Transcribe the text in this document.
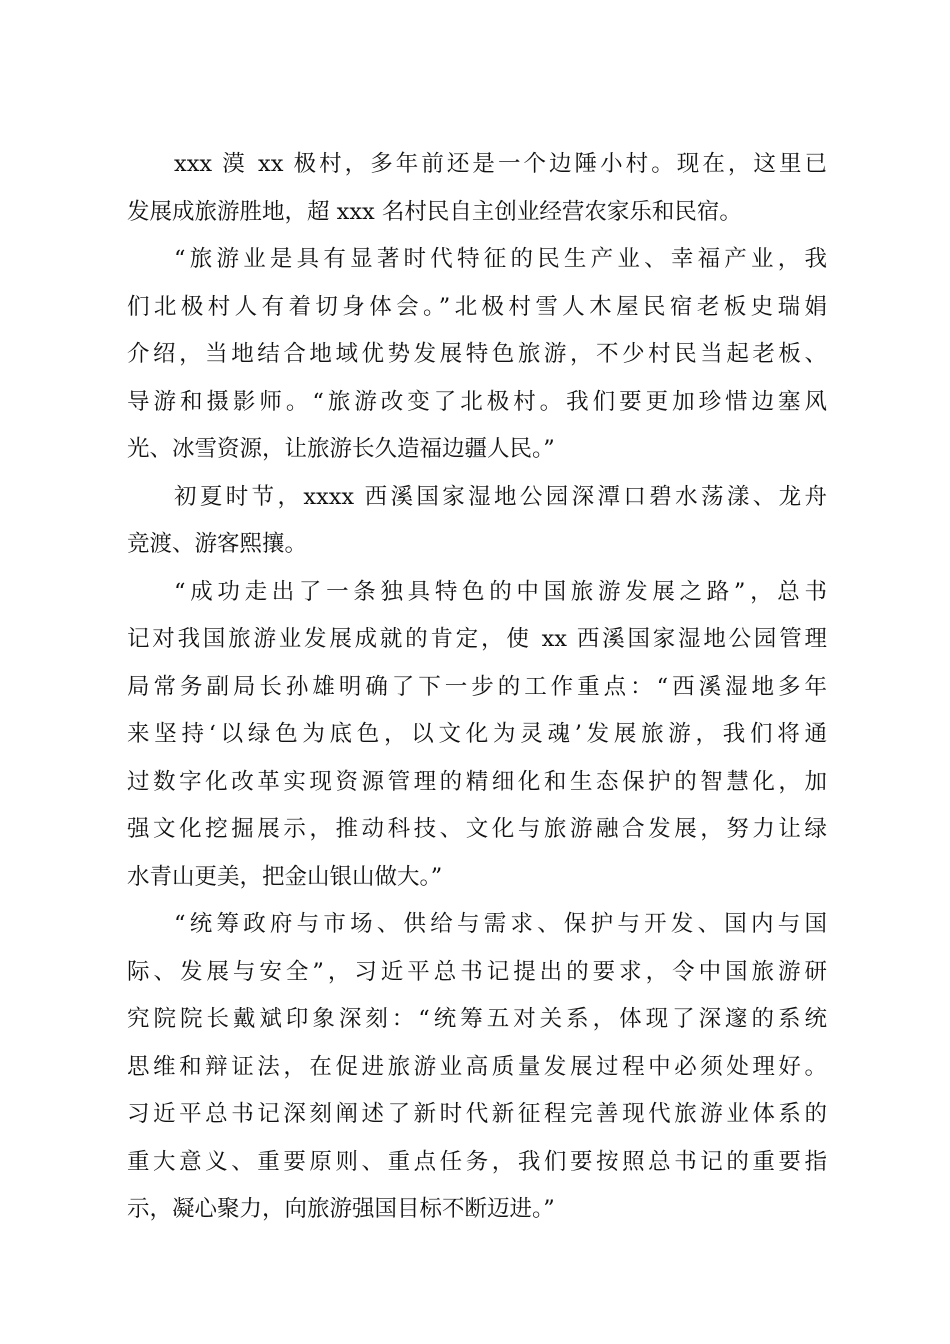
xxx 漠 xx 极村，多年前还是一个边陲小村。现在，这里已
发展成旅游胜地，超 xxx 名村民自主创业经营农家乐和民宿。
“旅游业是具有显著时代特征的民生产业、幸福产业，我
们北极村人有着切身体会。”北极村雪人木屋民宿老板史瑞娟
介绍，当地结合地域优势发展特色旅游，不少村民当起老板、
导游和摄影师。“旅游改变了北极村。我们要更加珍惜边塞风
光、冰雪资源，让旅游长久造福边疆人民。”
初夏时节，xxxx 西溪国家湿地公园深潭口碧水荡漾、龙舟
竞渡、游客熙攘。
“成功走出了一条独具特色的中国旅游发展之路”，总书
记对我国旅游业发展成就的肯定，使 xx 西溪国家湿地公园管理
局常务副局长孙雄明确了下一步的工作重点：“西溪湿地多年
来坚持‘以绿色为底色，以文化为灵魂’发展旅游，我们将通
过数字化改革实现资源管理的精细化和生态保护的智慧化，加
强文化挖掘展示，推动科技、文化与旅游融合发展，努力让绿
水青山更美，把金山银山做大。”
“统筹政府与市场、供给与需求、保护与开发、国内与国
际、发展与安全”，习近平总书记提出的要求，令中国旅游研
究院院长戴斌印象深刻：“统筹五对关系，体现了深邃的系统
思维和辩证法，在促进旅游业高质量发展过程中必须处理好。
习近平总书记深刻阐述了新时代新征程完善现代旅游业体系的
重大意义、重要原则、重点任务，我们要按照总书记的重要指
示，凝心聚力，向旅游强国目标不断迈进。”
